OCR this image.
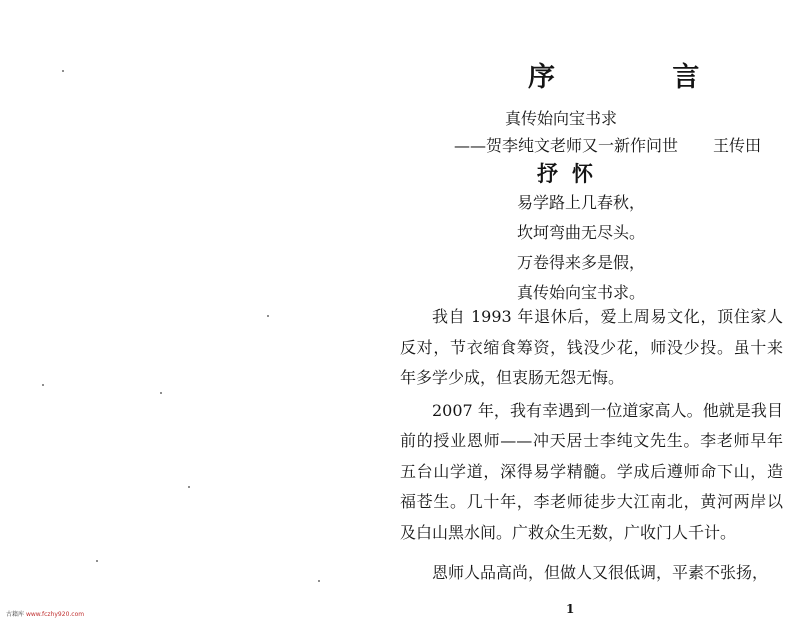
序 言
真传始向宝书求
——贺李纯文老师又一新作问世 王传田
抒怀
易学路上几春秋，
坎坷弯曲无尽头。
万卷得来多是假，
真传始向宝书求。

我自 1993 年退休后，爱上周易文化，顶住家人反对，节衣缩食筹资，钱没少花，师没少投。虽十来年多学少成，但衷肠无怨无悔。

2007 年，我有幸遇到一位道家高人。他就是我目前的授业恩师——冲天居士李纯文先生。李老师早年五台山学道，深得易学精髓。学成后遵师命下山，造福苍生。几十年，李老师徒步大江南北，黄河两岸以及白山黑水间。广救众生无数，广收门人千计。

恩师人品高尚，但做人又很低调，平素不张扬，

1
古籍库 www.fczhy920.com
